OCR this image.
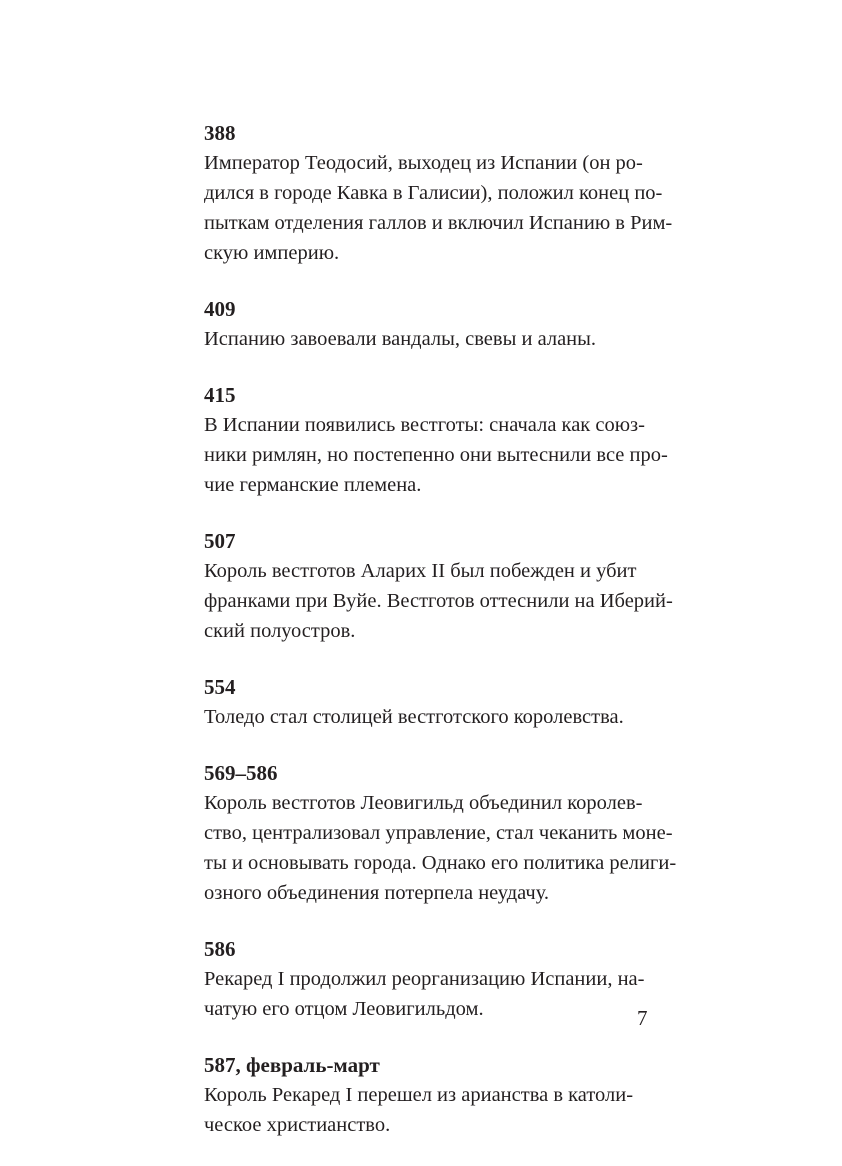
388
Император Теодосий, выходец из Испании (он ро-
дился в городе Кавка в Галисии), положил конец по-
пыткам отделения галлов и включил Испанию в Рим-
скую империю.
409
Испанию завоевали вандалы, свевы и аланы.
415
В Испании появились вестготы: сначала как союз-
ники римлян, но постепенно они вытеснили все про-
чие германские племена.
507
Король вестготов Аларих II был побежден и убит
франками при Вуйе. Вестготов оттеснили на Иберий-
ский полуостров.
554
Толедо стал столицей вестготского королевства.
569–586
Король вестготов Леовигильд объединил королев-
ство, централизовал управление, стал чеканить моне-
ты и основывать города. Однако его политика религи-
озного объединения потерпела неудачу.
586
Рекаред I продолжил реорганизацию Испании, на-
чатую его отцом Леовигильдом.
587, февраль-март
Король Рекаред I перешел из арианства в католи-
ческое христианство.
7
